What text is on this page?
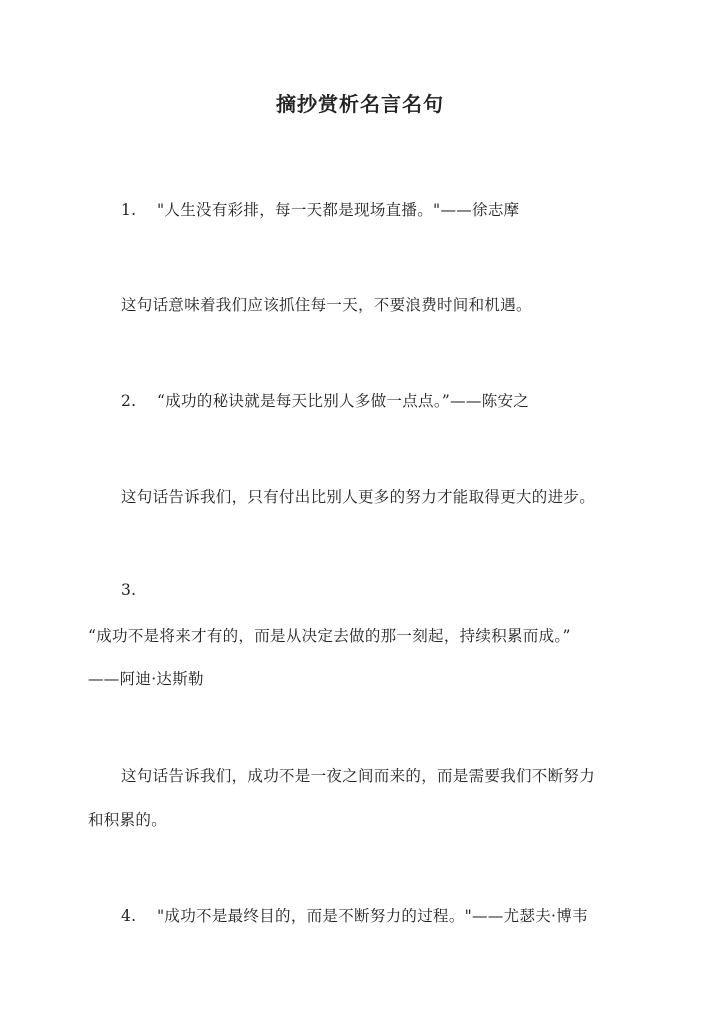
摘抄赏析名言名句
1. "人生没有彩排，每一天都是现场直播。"——徐志摩
这句话意味着我们应该抓住每一天，不要浪费时间和机遇。
2. “成功的秘诀就是每天比别人多做一点点。”——陈安之
这句话告诉我们，只有付出比别人更多的努力才能取得更大的进步。
3.
“成功不是将来才有的，而是从决定去做的那一刻起，持续积累而成。”
——阿迪·达斯勒
这句话告诉我们，成功不是一夜之间而来的，而是需要我们不断努力
和积累的。
4. "成功不是最终目的，而是不断努力的过程。"——尤瑟夫·博韦
